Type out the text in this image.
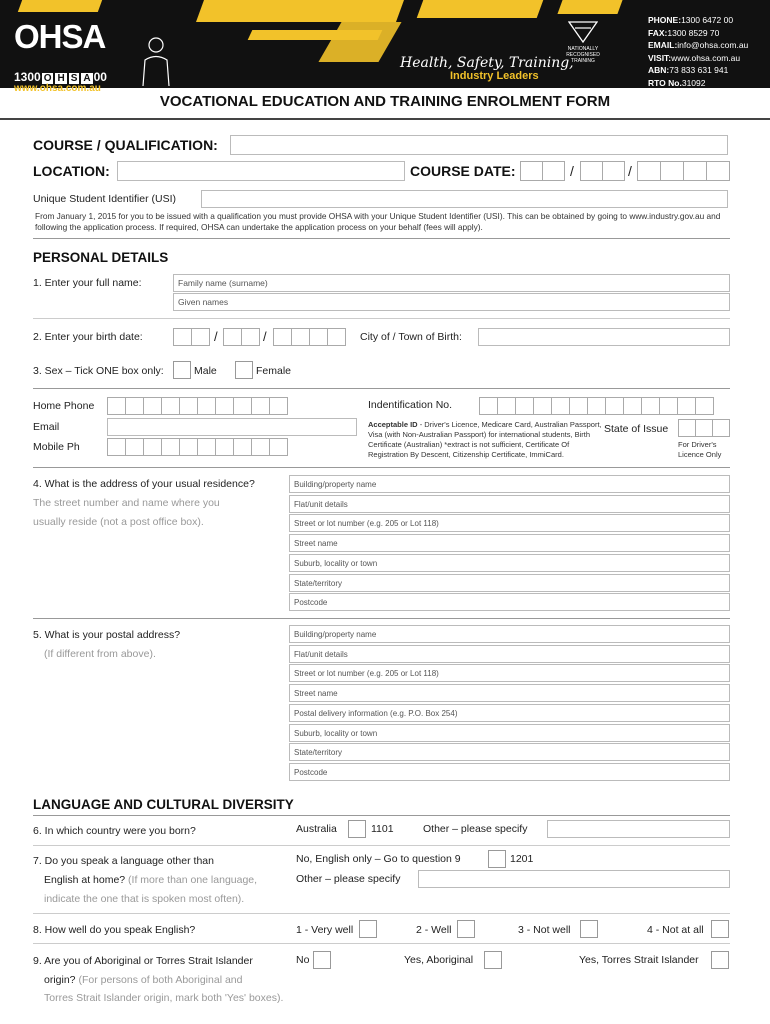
OHSA
1300 O H S A 00
www.ohsa.com.au
Health, Safety, Training,
Industry Leaders
NATIONALLY RECOGNISED
TRAINING
PHONE:1300 6472 00
FAX:1300 8529 70
EMAIL:info@ohsa.com.au
VISIT:www.ohsa.com.au
ABN:73 833 631 941
RTO No.31092
VOCATIONAL EDUCATION AND TRAINING ENROLMENT FORM
COURSE / QUALIFICATION:
LOCATION:	COURSE DATE:	/	/
Unique Student Identifier (USI)
From January 1, 2015 for you to be issued with a qualification you must provide OHSA with your Unique Student Identifier (USI). This can be obtained by going to www.industry.gov.au and following the application process. If required, OHSA can undertake the application process on your behalf (fees will apply).
PERSONAL DETAILS
1. Enter your full name:	Family name (surname)
Given names
2. Enter your birth date:	/	/	City of / Town of Birth:
3. Sex – Tick ONE box only:	Male	Female
Home Phone
Email
Mobile Ph
Indentification No.
Acceptable ID - Driver's Licence, Medicare Card, Australian Passport, Visa (with Non-Australian Passport) for international students, Birth Certificate (Australian) *extract is not sufficient, Certificate Of Registration By Descent, Citizenship Certificate, ImmiCard.
State of Issue
For Driver's
Licence Only
4. What is the address of your usual residence?
The street number and name where you
usually reside (not a post office box).
Building/property name
Flat/unit details
Street or lot number (e.g. 205 or Lot 118)
Street name
Suburb, locality or town
State/territory
Postcode
5. What is your postal address?
(If different from above).
Building/property name
Flat/unit details
Street or lot number (e.g. 205 or Lot 118)
Street name
Postal delivery information (e.g. P.O. Box 254)
Suburb, locality or town
State/territory
Postcode
LANGUAGE AND CULTURAL DIVERSITY
6. In which country were you born?	Australia	1101	Other – please specify
7. Do you speak a language other than
English at home? (If more than one language,
indicate the one that is spoken most often).
No, English only – Go to question 9	1201
Other – please specify
8. How well do you speak English?	1 - Very well	2 - Well	3 - Not well	4 - Not at all
9. Are you of Aboriginal or Torres Strait Islander
origin? (For persons of both Aboriginal and
Torres Strait Islander origin, mark both 'Yes' boxes).
No	Yes, Aboriginal	Yes, Torres Strait Islander
